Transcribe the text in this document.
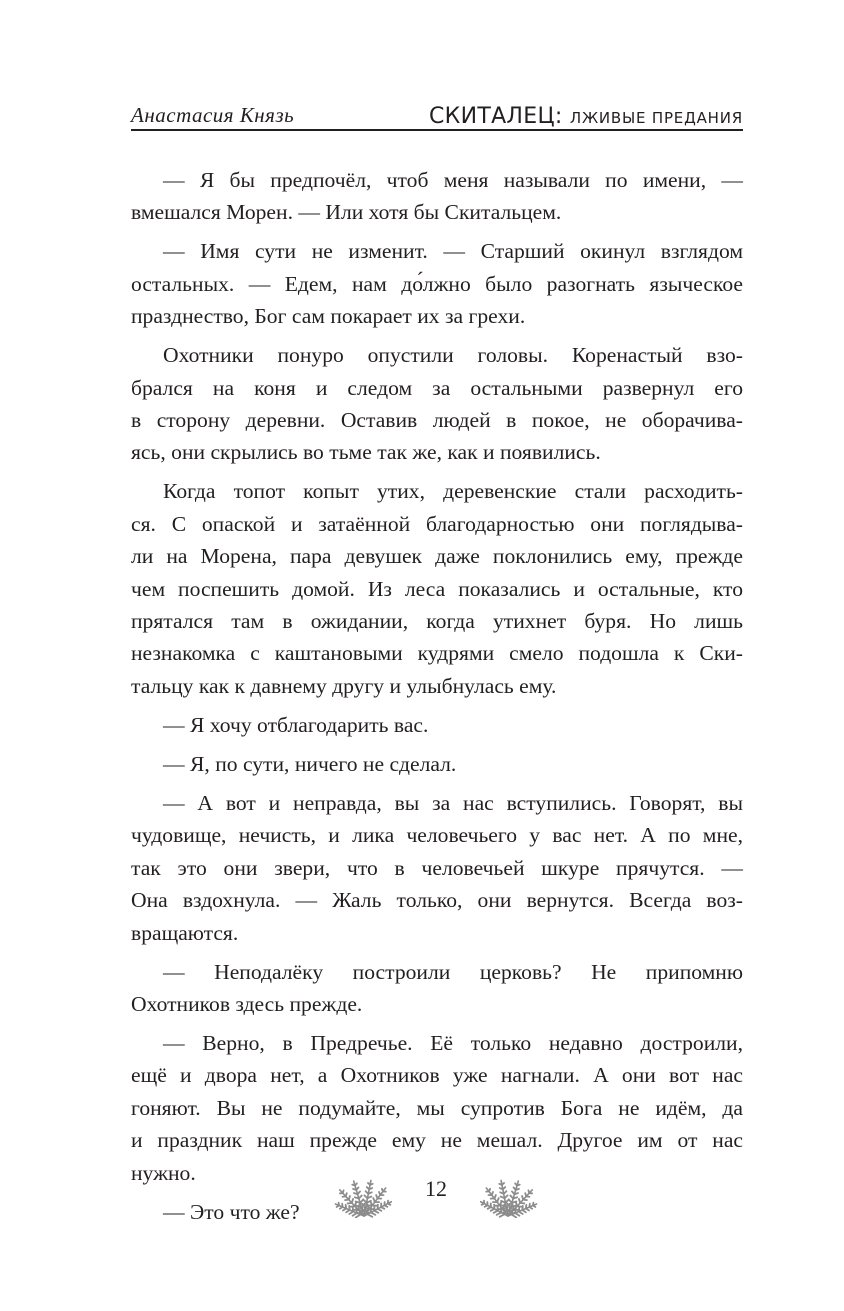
Анастасия Князь	СКИТАЛЕЦ: ЛЖИВЫЕ ПРЕДАНИЯ

— Я бы предпочёл, чтоб меня называли по имени, —
вмешался Морен. — Или хотя бы Скитальцем.

— Имя сути не изменит. — Старший окинул взглядом
остальных. — Едем, нам до́лжно было разогнать языческое
празднество, Бог сам покарает их за грехи.

Охотники понуро опустили головы. Коренастый взо-
брался на коня и следом за остальными развернул его
в сторону деревни. Оставив людей в покое, не оборачива-
ясь, они скрылись во тьме так же, как и появились.

Когда топот копыт утих, деревенские стали расходить-
ся. С опаской и затаённой благодарностью они поглядыва-
ли на Морена, пара девушек даже поклонились ему, прежде
чем поспешить домой. Из леса показались и остальные, кто
прятался там в ожидании, когда утихнет буря. Но лишь
незнакомка с каштановыми кудрями смело подошла к Ски-
тальцу как к давнему другу и улыбнулась ему.

— Я хочу отблагодарить вас.

— Я, по сути, ничего не сделал.

— А вот и неправда, вы за нас вступились. Говорят, вы
чудовище, нечисть, и лика человечьего у вас нет. А по мне,
так это они звери, что в человечьей шкуре прячутся. —
Она вздохнула. — Жаль только, они вернутся. Всегда воз-
вращаются.

— Неподалёку построили церковь? Не припомню
Охотников здесь прежде.

— Верно, в Предречье. Её только недавно достроили,
ещё и двора нет, а Охотников уже нагнали. А они вот нас
гоняют. Вы не подумайте, мы супротив Бога не идём, да
и праздник наш прежде ему не мешал. Другое им от нас
нужно.

— Это что же?

12
